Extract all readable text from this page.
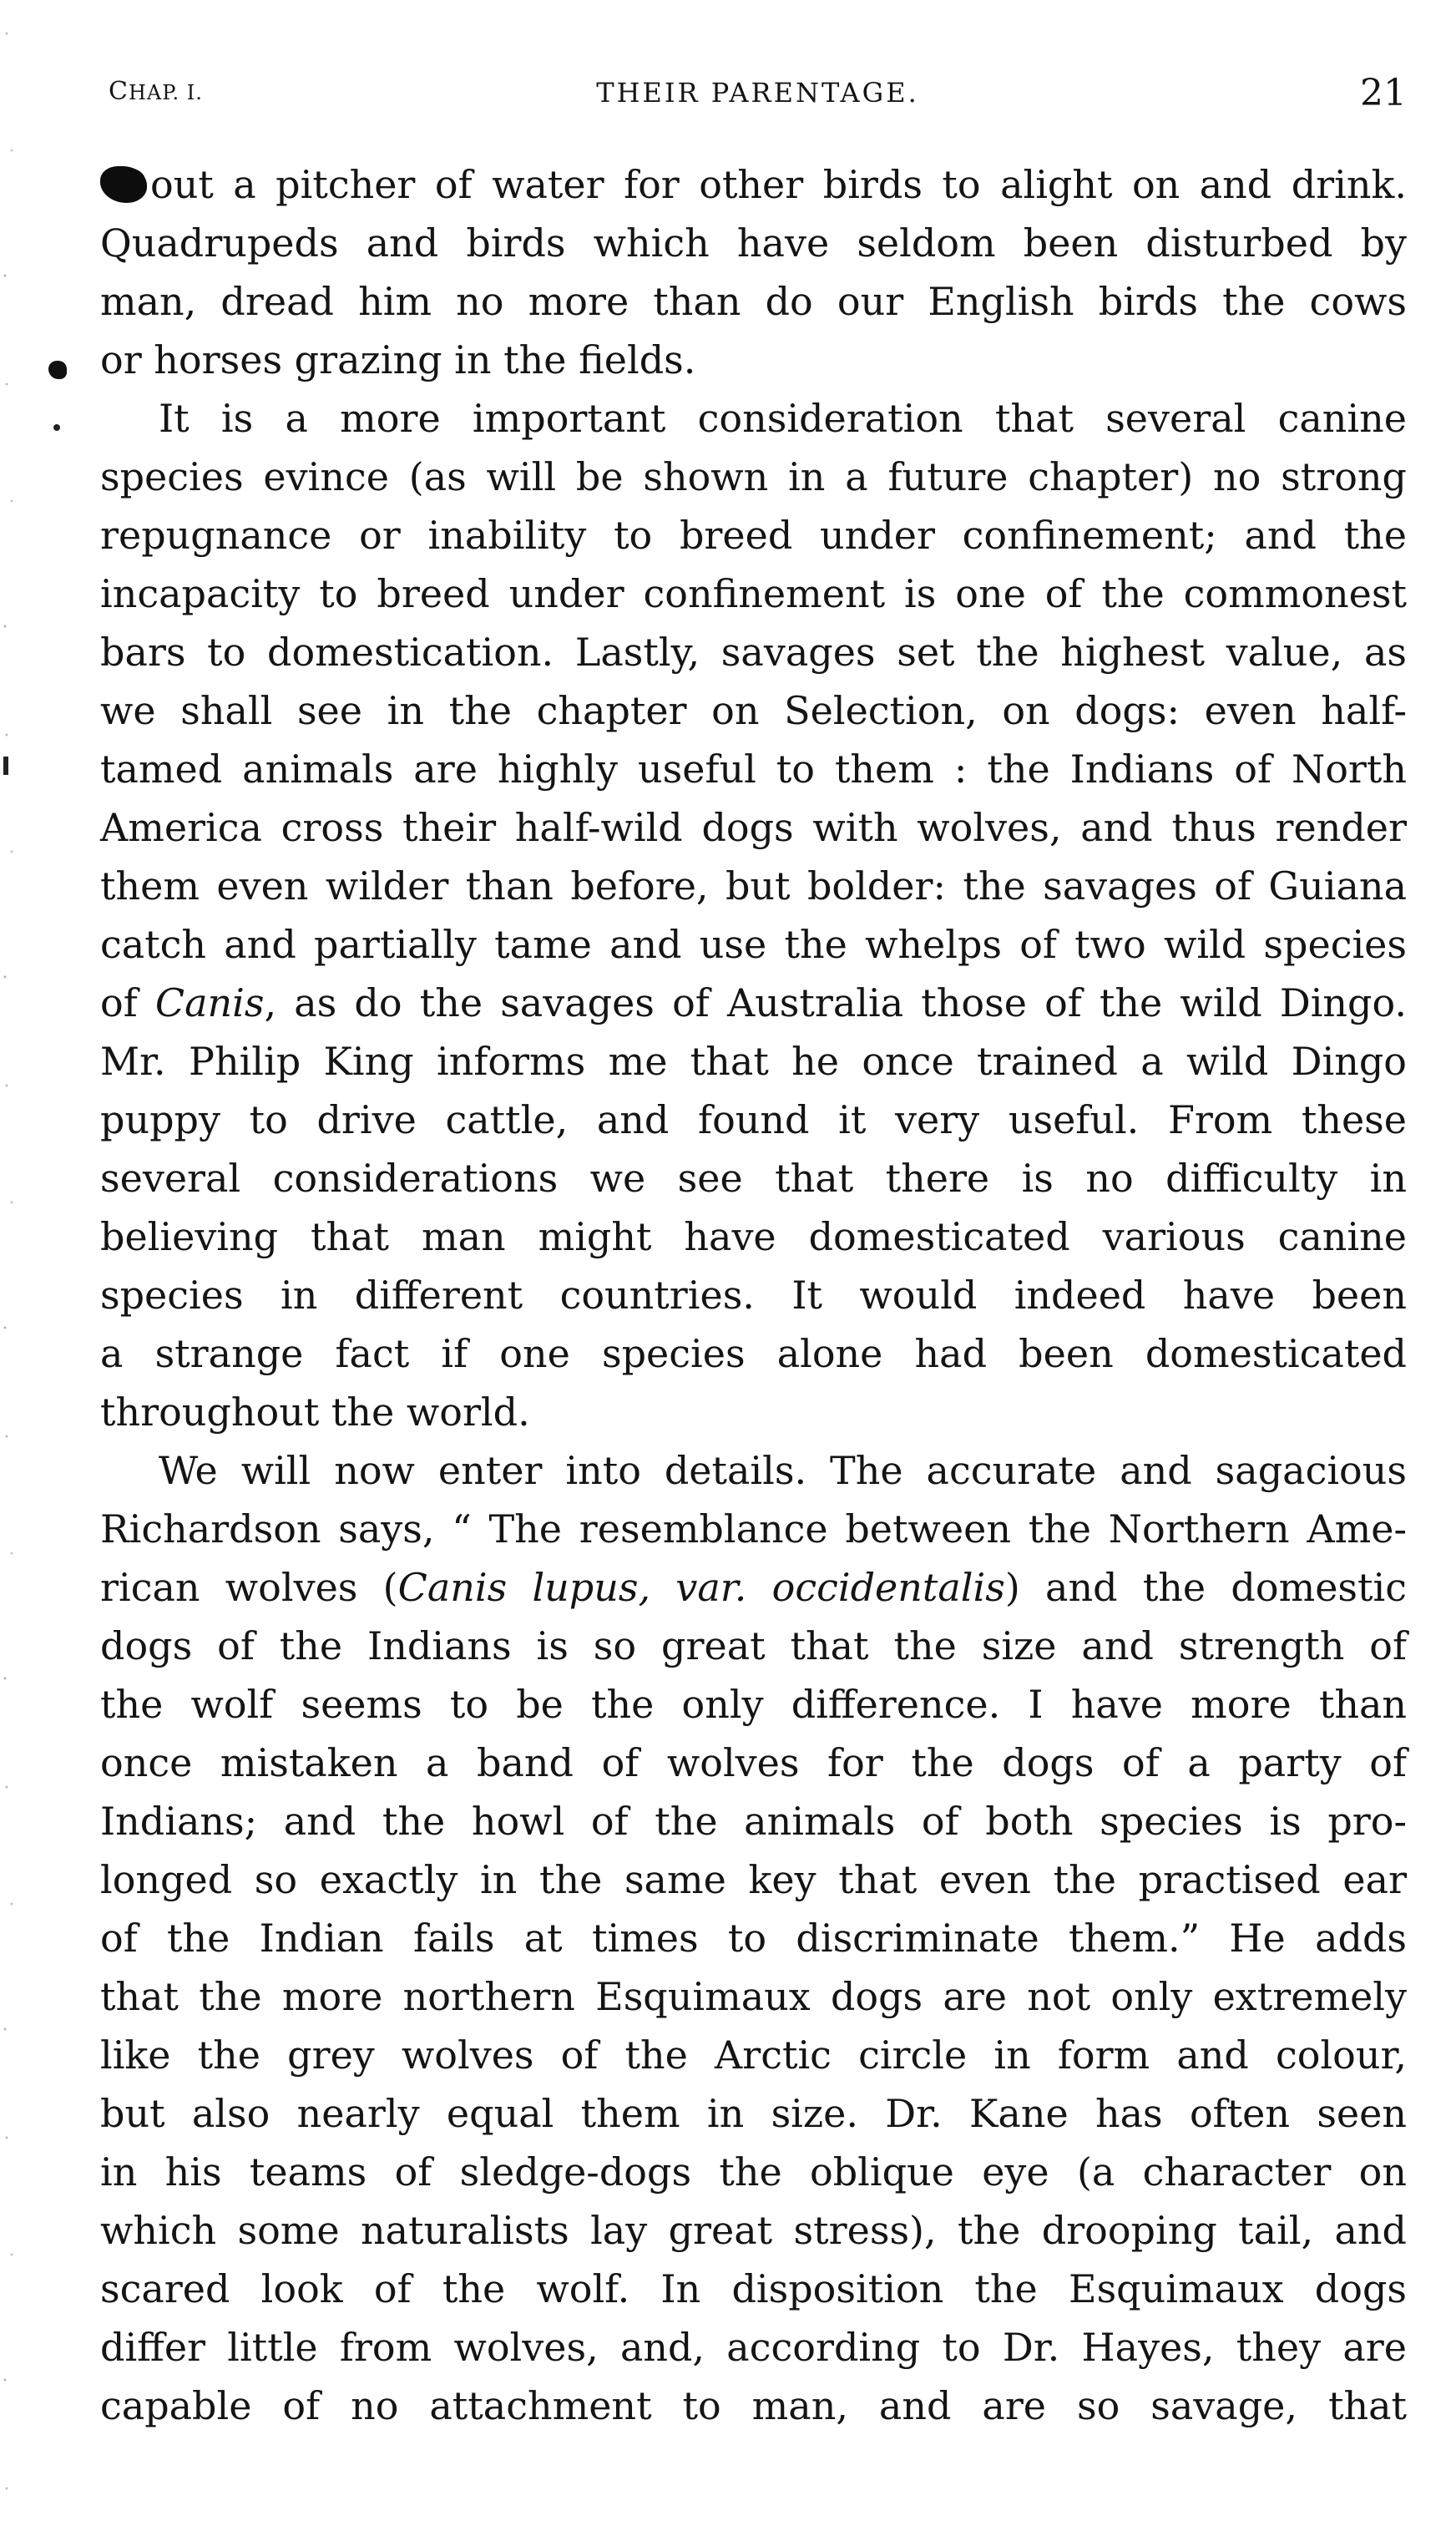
CHAP. I.	THEIR PARENTAGE.	21

out a pitcher of water for other birds to alight on and drink.

Quadrupeds and birds which have seldom been disturbed by

man, dread him no more than do our English birds the cows

or horses grazing in the fields.

It is a more important consideration that several canine

species evince (as will be shown in a future chapter) no strong

repugnance or inability to breed under confinement; and the

incapacity to breed under confinement is one of the commonest

bars to domestication. Lastly, savages set the highest value, as

we shall see in the chapter on Selection, on dogs: even half-

tamed animals are highly useful to them : the Indians of North

America cross their half-wild dogs with wolves, and thus render

them even wilder than before, but bolder: the savages of Guiana

catch and partially tame and use the whelps of two wild species

of Canis, as do the savages of Australia those of the wild Dingo.

Mr. Philip King informs me that he once trained a wild Dingo

puppy to drive cattle, and found it very useful. From these

several considerations we see that there is no difficulty in

believing that man might have domesticated various canine

species in different countries. It would indeed have been

a strange fact if one species alone had been domesticated

throughout the world.

We will now enter into details. The accurate and sagacious

Richardson says, “ The resemblance between the Northern Ame-

rican wolves (Canis lupus, var. occidentalis) and the domestic

dogs of the Indians is so great that the size and strength of

the wolf seems to be the only difference. I have more than

once mistaken a band of wolves for the dogs of a party of

Indians; and the howl of the animals of both species is pro-

longed so exactly in the same key that even the practised ear

of the Indian fails at times to discriminate them.” He adds

that the more northern Esquimaux dogs are not only extremely

like the grey wolves of the Arctic circle in form and colour,

but also nearly equal them in size. Dr. Kane has often seen

in his teams of sledge-dogs the oblique eye (a character on

which some naturalists lay great stress), the drooping tail, and

scared look of the wolf. In disposition the Esquimaux dogs

differ little from wolves, and, according to Dr. Hayes, they are

capable of no attachment to man, and are so savage, that
